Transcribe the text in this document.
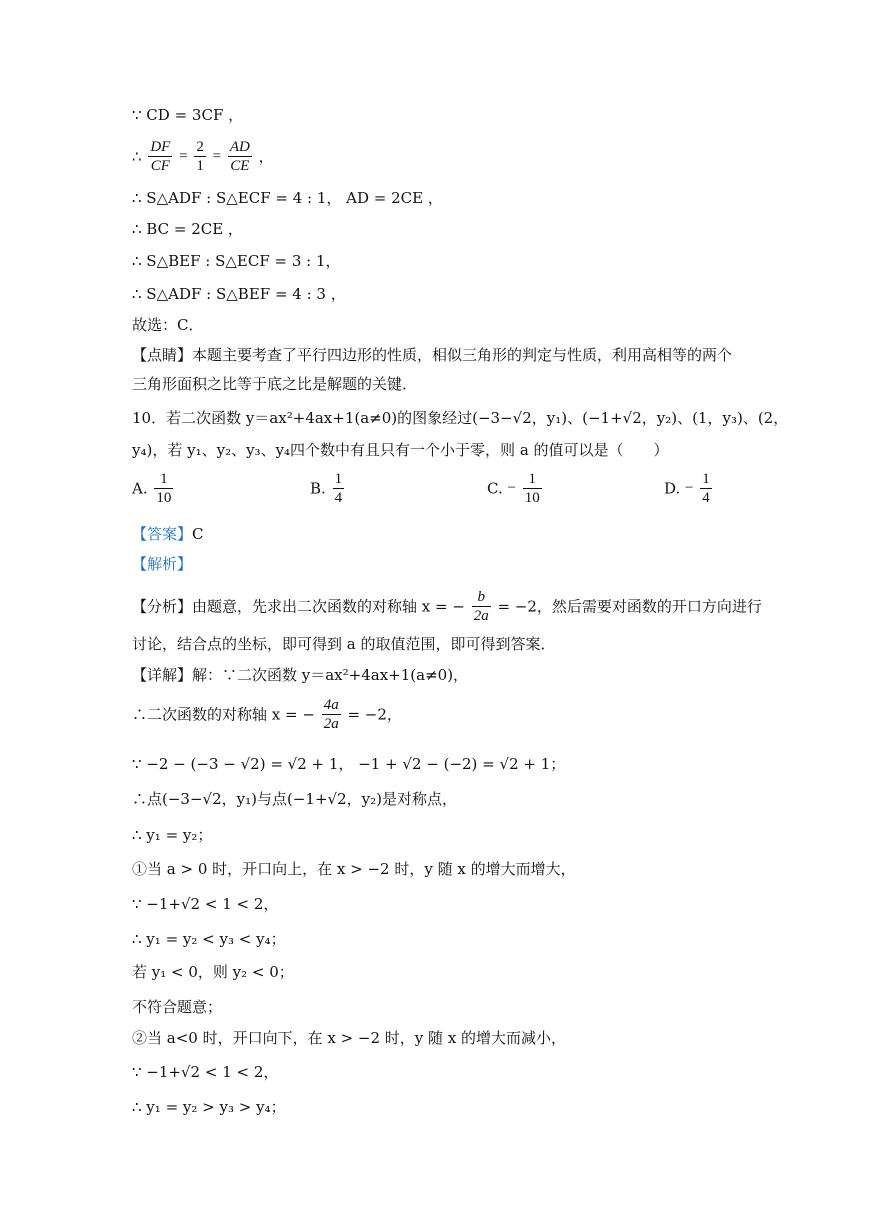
∵ CD = 3CF ，
∴ $\frac{DF}{CF} = \frac{2}{1} = \frac{AD}{CE}$ ，
∴ S△ADF : S△ECF = 4 : 1， AD = 2CE ，
∴ BC = 2CE ，
∴ S△BEF : S△ECF = 3 : 1，
∴ S△ADF : S△BEF = 4 : 3 ，
故选：C．
【点睛】本题主要考查了平行四边形的性质，相似三角形的判定与性质，利用高相等的两个
三角形面积之比等于底之比是解题的关键．
10．若二次函数 y＝ax²+4ax+1(a≠0)的图象经过(−3−√2，y₁)、(−1+√2，y₂)、(1，y₃)、(2，
y₄)，若 y₁、y₂、y₃、y₄四个数中有且只有一个小于零，则 a 的值可以是（　　）
A. $\frac{1}{10}$	B. $\frac{1}{4}$	C. − $\frac{1}{10}$	D. − $\frac{1}{4}$
【答案】C
【解析】
【分析】由题意，先求出二次函数的对称轴 x = − $\frac{b}{2a} = -2$，然后需要对函数的开口方向进行
讨论，结合点的坐标，即可得到 a 的取值范围，即可得到答案．
【详解】解：∵二次函数 y＝ax²+4ax+1(a≠0)，
∴二次函数的对称轴 x = − $\frac{4a}{2a} = -2$，
∵ −2 − (−3 − √2) = √2 + 1， −1 + √2 − (−2) = √2 + 1；
∴点(−3−√2，y₁)与点(−1+√2，y₂)是对称点，
∴ y₁ = y₂；
①当 a > 0 时，开口向上，在 x > −2 时，y 随 x 的增大而增大，
∵ −1+√2 < 1 < 2，
∴ y₁ = y₂ < y₃ < y₄；
若 y₁ < 0，则 y₂ < 0；
不符合题意；
②当 a<0 时，开口向下，在 x > −2 时，y 随 x 的增大而减小，
∵ −1+√2 < 1 < 2，
∴ y₁ = y₂ > y₃ > y₄；
